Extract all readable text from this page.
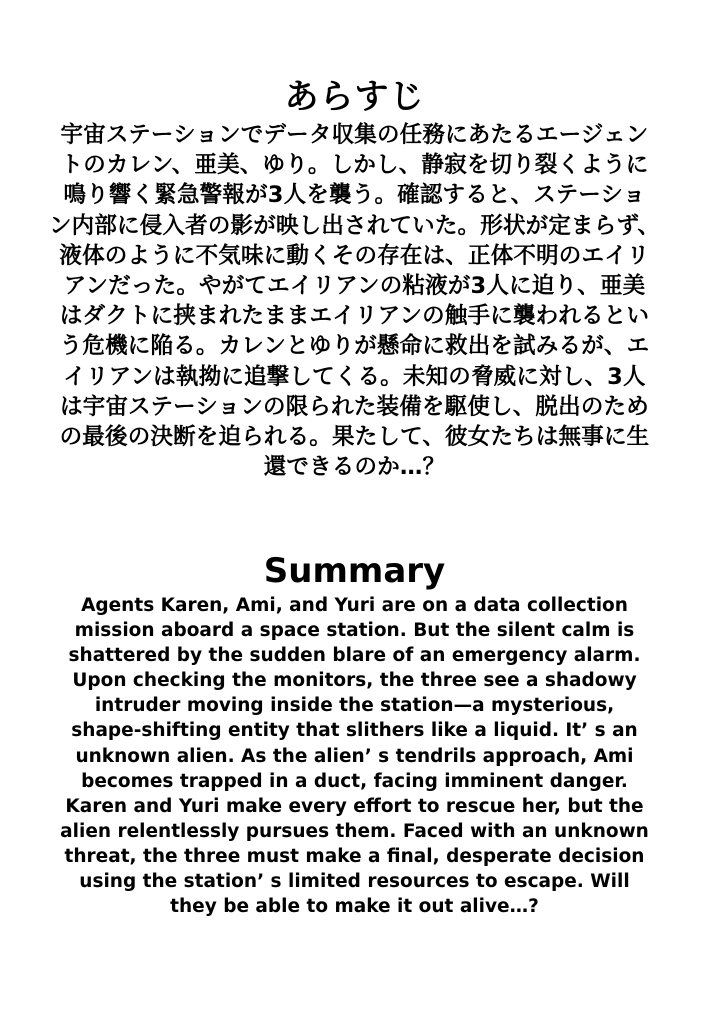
あらすじ
宇宙ステーションでデータ収集の任務にあたるエージェン
トのカレン、亜美、ゆり。しかし、静寂を切り裂くように
鳴り響く緊急警報が3人を襲う。確認すると、ステーショ
ン内部に侵入者の影が映し出されていた。形状が定まらず、
液体のように不気味に動くその存在は、正体不明のエイリ
アンだった。やがてエイリアンの粘液が3人に迫り、亜美
はダクトに挟まれたままエイリアンの触手に襲われるとい
う危機に陥る。カレンとゆりが懸命に救出を試みるが、エ
イリアンは執拗に追撃してくる。未知の脅威に対し、3人
は宇宙ステーションの限られた装備を駆使し、脱出のため
の最後の決断を迫られる。果たして、彼女たちは無事に生
還できるのか…？
Summary
Agents Karen, Ami, and Yuri are on a data collection
mission aboard a space station. But the silent calm is
shattered by the sudden blare of an emergency alarm.
Upon checking the monitors, the three see a shadowy
intruder moving inside the station—a mysterious,
shape-shifting entity that slithers like a liquid. It’ s an
unknown alien. As the alien’ s tendrils approach, Ami
becomes trapped in a duct, facing imminent danger.
Karen and Yuri make every effort to rescue her, but the
alien relentlessly pursues them. Faced with an unknown
threat, the three must make a final, desperate decision
using the station’ s limited resources to escape. Will
they be able to make it out alive…?
